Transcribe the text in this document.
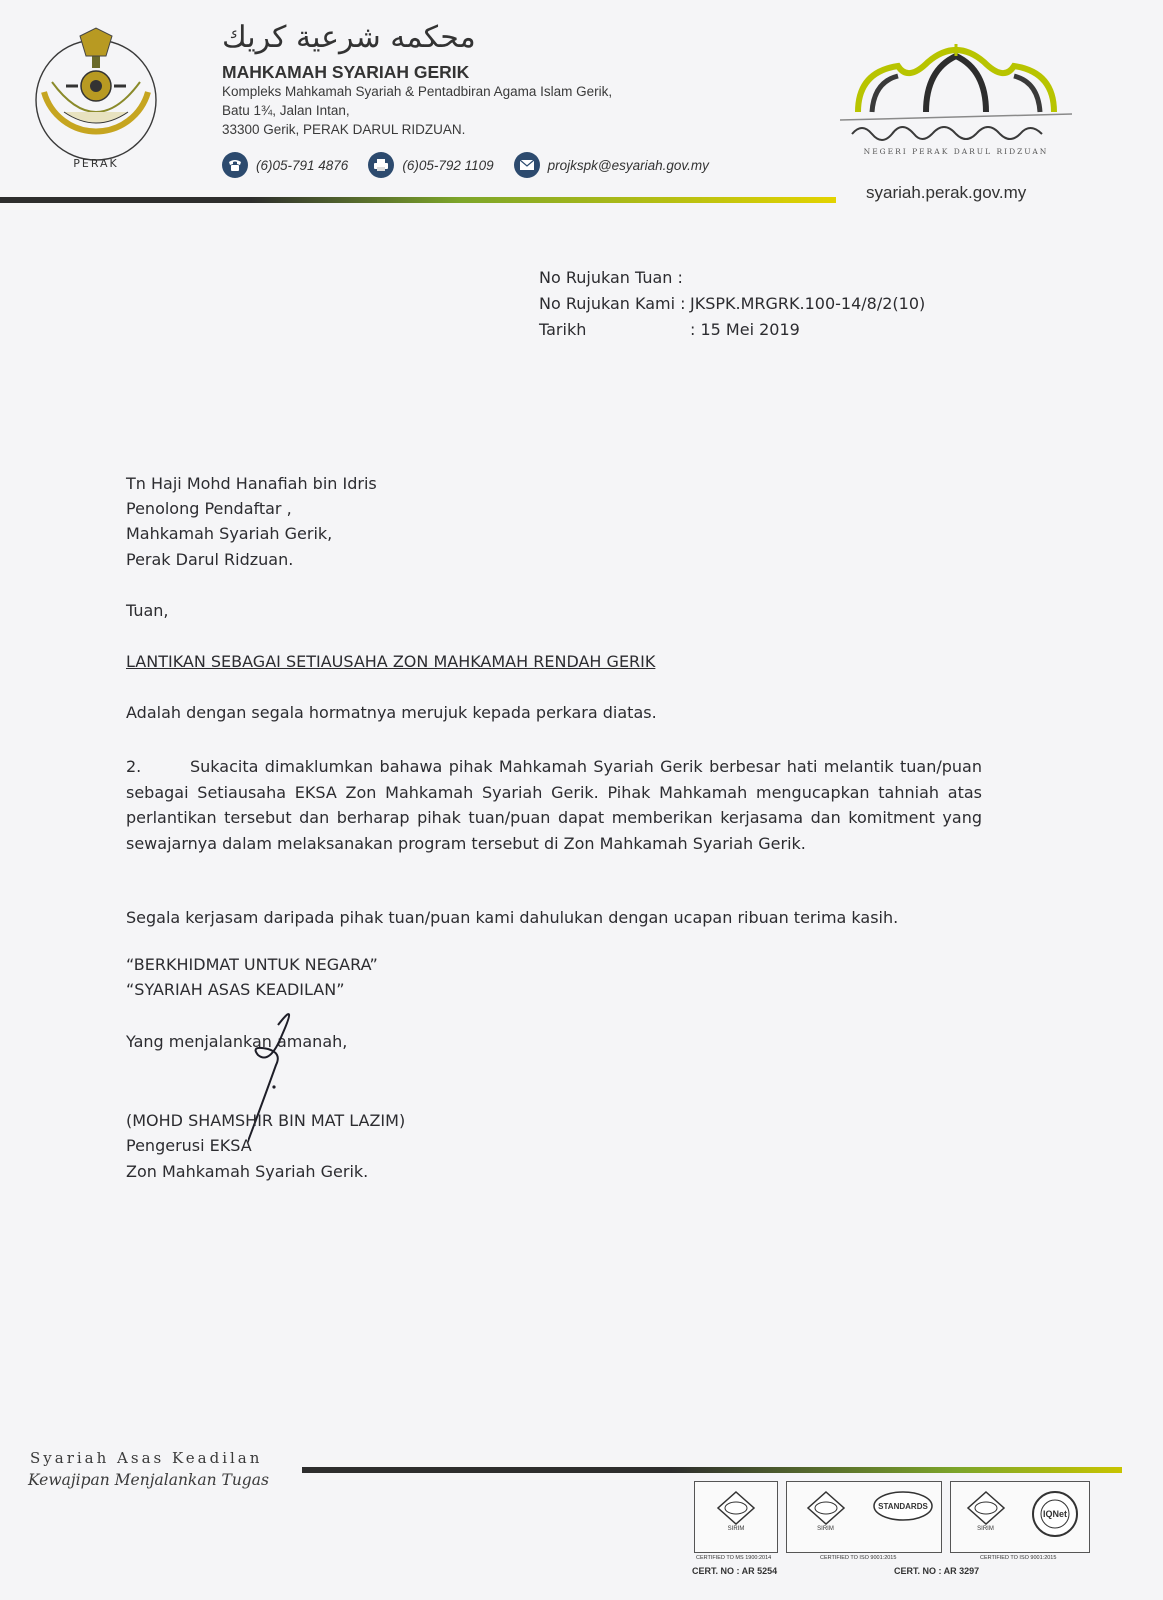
PERAK
محكمه شرعية كريك
MAHKAMAH SYARIAH GERIK
Kompleks Mahkamah Syariah & Pentadbiran Agama Islam Gerik,
Batu 1¾, Jalan Intan,
33300 Gerik, PERAK DARUL RIDZUAN.
(6)05-791 4876	(6)05-792 1109	projkspk@esyariah.gov.my
NEGERI PERAK DARUL RIDZUAN
syariah.perak.gov.my
No Rujukan Tuan :
No Rujukan Kami : JKSPK.MRGRK.100-14/8/2(10)
Tarikh	: 15 Mei 2019
Tn Haji Mohd Hanafiah bin Idris
Penolong Pendaftar ,
Mahkamah Syariah Gerik,
Perak Darul Ridzuan.
Tuan,
LANTIKAN SEBAGAI SETIAUSAHA ZON MAHKAMAH RENDAH GERIK
Adalah dengan segala hormatnya merujuk kepada perkara diatas.
2.	Sukacita dimaklumkan bahawa pihak Mahkamah Syariah Gerik berbesar hati melantik tuan/puan sebagai Setiausaha EKSA Zon Mahkamah Syariah Gerik. Pihak Mahkamah mengucapkan tahniah atas perlantikan tersebut dan berharap pihak tuan/puan dapat memberikan kerjasama dan komitment yang sewajarnya dalam melaksanakan program tersebut di Zon Mahkamah Syariah Gerik.
Segala kerjasam daripada pihak tuan/puan kami dahulukan dengan ucapan ribuan terima kasih.
“BERKHIDMAT UNTUK NEGARA”
“SYARIAH ASAS KEADILAN”
Yang menjalankan amanah,
(MOHD SHAMSHIR BIN MAT LAZIM)
Pengerusi EKSA
Zon Mahkamah Syariah Gerik.
Syariah Asas Keadilan
Kewajipan Menjalankan Tugas
SIRIM	SIRIM
STANDARDS
SIRIM
IQNet
CERTIFIED TO MS 1900:2014	CERTIFIED TO ISO 9001:2015	CERTIFIED TO ISO 9001:2015
CERT. NO : AR 5254	CERT. NO : AR 3297
